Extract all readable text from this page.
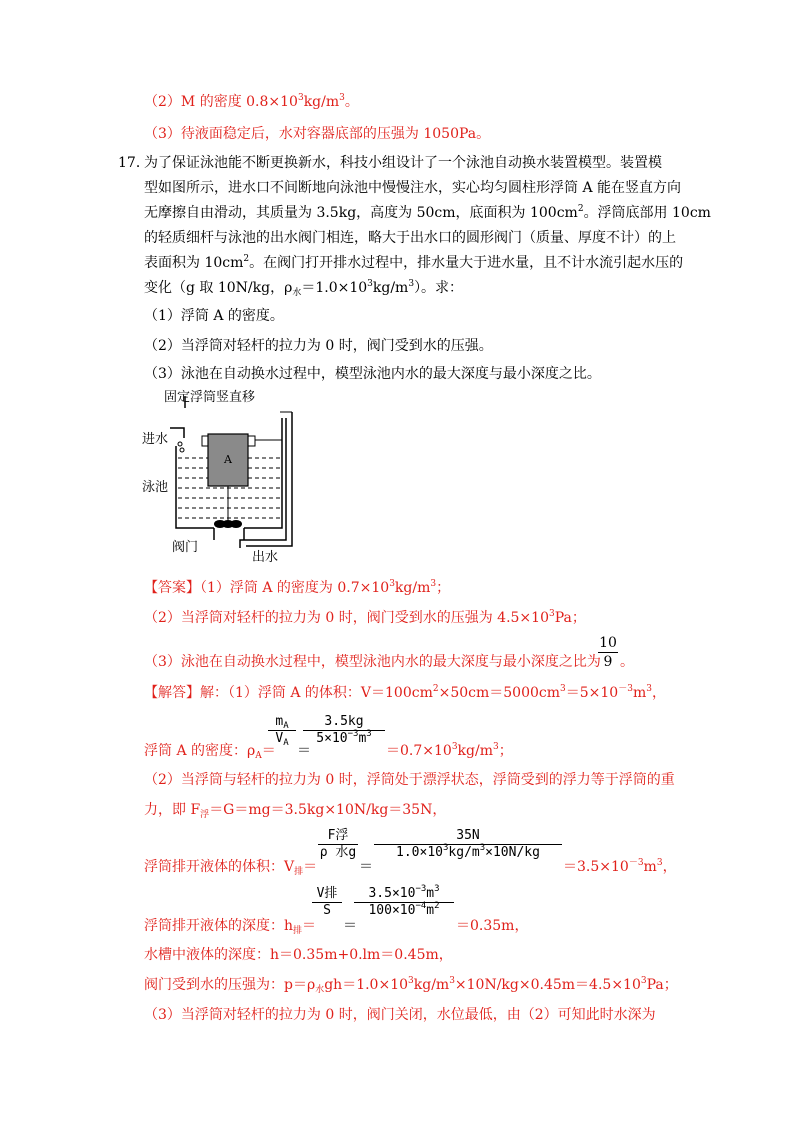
（2）M 的密度 $0.8\times 10^3kg/m^3$。
（3）待液面稳定后，水对容器底部的压强为 1050Pa。
17．
为了保证泳池能不断更换新水，科技小组设计了一个泳池自动换水装置模型。装置模
型如图所示，进水口不间断地向泳池中慢慢注水，实心均匀圆柱形浮筒 A 能在竖直方向
无摩擦自由滑动，其质量为 3.5kg，高度为 50cm，底面积为 $100cm^2$。浮筒底部用 10cm
的轻质细杆与泳池的出水阀门相连，略大于出水口的圆形阀门（质量、厚度不计）的上
表面积为 $10cm^2$。在阀门打开排水过程中，排水量大于进水量，且不计水流引起水压的
变化（g 取 10N/kg，$\rho_水=1.0\times 10^3kg/m^3$）。求：
（1）浮筒 A 的密度。
（2）当浮筒对轻杆的拉力为 0 时，阀门受到水的压强。
（3）泳池在自动换水过程中，模型泳池内水的最大深度与最小深度之比。
固定浮筒竖直移
进水
泳池
A
阀门
出水
【答案】（1）浮筒 A 的密度为 $0.7\times 10^3kg/m^3$；
（2）当浮筒对轻杆的拉力为 0 时，阀门受到水的压强为 $4.5\times 10^3Pa$；
（3）泳池在自动换水过程中，模型泳池内水的最大深度与最小深度之比为
$\frac{10}{9}$ 。
【解答】解：（1）浮筒 A 的体积：$V=100cm^2\times 50cm=5000cm^3=5\times 10^{-3}m^3$，
浮筒 A 的密度：$\rho_A=$
$\frac{m_A}{V_A}$
＝
$\frac{3.5kg}{5\times 10^{-3}m^3}$
$=0.7\times 10^3kg/m^3$；
（2）当浮筒与轻杆的拉力为 0 时，浮筒处于漂浮状态，浮筒受到的浮力等于浮筒的重
力，即 $F_浮=G=mg=3.5kg\times 10N/kg=35N$，
浮筒排开液体的体积：$V_排=$
F浮
ρ 水g
＝
$\frac{35N}{1.0\times 10^3kg/m^3\times 10N/kg}$
$=3.5\times 10^{-3}m^3$，
浮筒排开液体的深度：$h_排=$
V排
S
＝
$\frac{3.5\times 10^{-3}m^3}{100\times 10^{-4}m^2}$
＝0.35m，
水槽中液体的深度：h＝0.35m+0.lm＝0.45m，
阀门受到水的压强为：$p=\rho_水gh=1.0\times 10^3kg/m^3\times 10N/kg\times 0.45m=4.5\times 10^3Pa$；
（3）当浮筒对轻杆的拉力为 0 时，阀门关闭，水位最低，由（2）可知此时水深为
